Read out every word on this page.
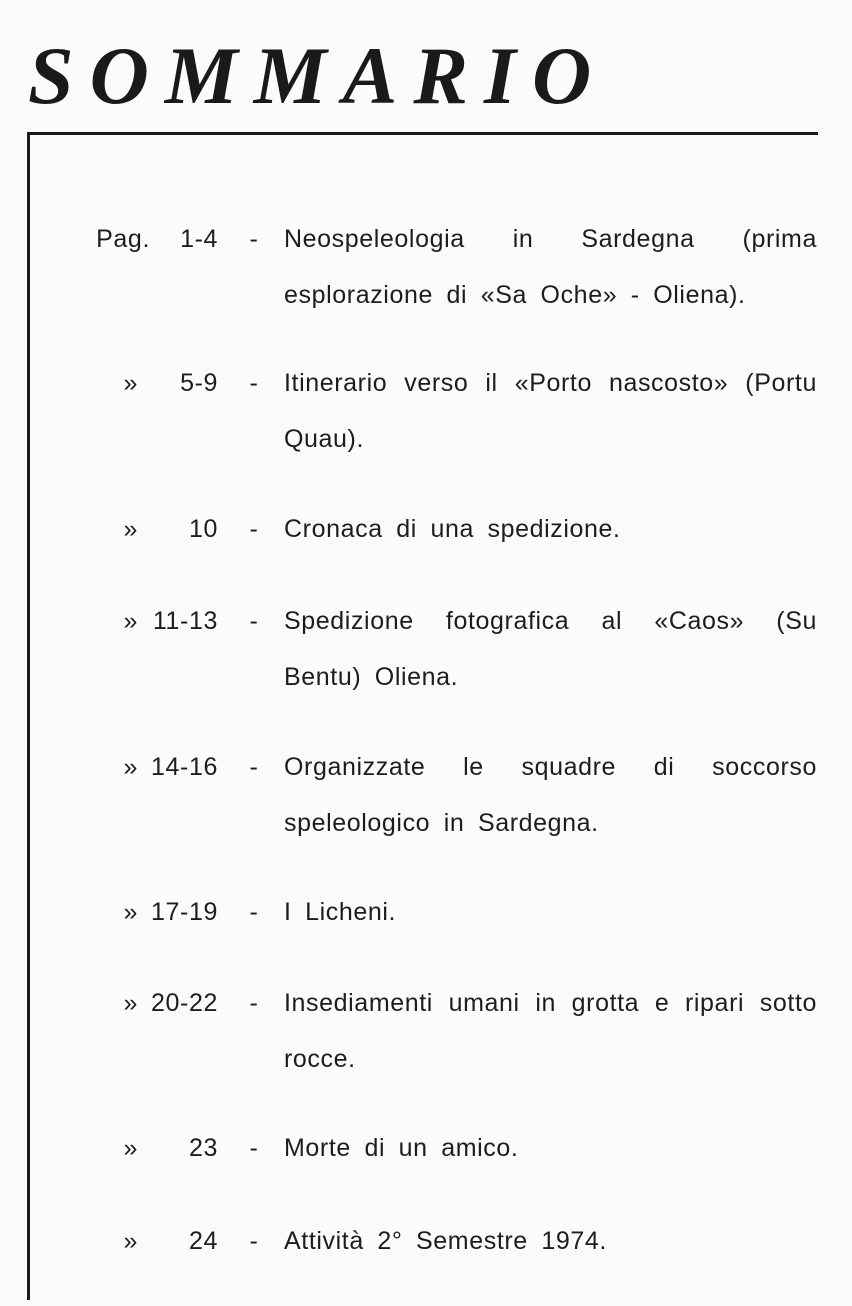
SOMMARIO
Pag.	1-4 - Neospeleologia in Sardegna (prima esplorazione di «Sa Oche» - Oliena).
»	5-9 - Itinerario verso il «Porto nascosto» (Portu Quau).
»	10 - Cronaca di una spedizione.
» 11-13 - Spedizione fotografica al «Caos» (Su Bentu) Oliena.
» 14-16 - Organizzate le squadre di soccorso speleologico in Sardegna.
» 17-19 - I Licheni.
» 20-22 - Insediamenti umani in grotta e ripari sotto rocce.
»	23 - Morte di un amico.
»	24 - Attività 2° Semestre 1974.
